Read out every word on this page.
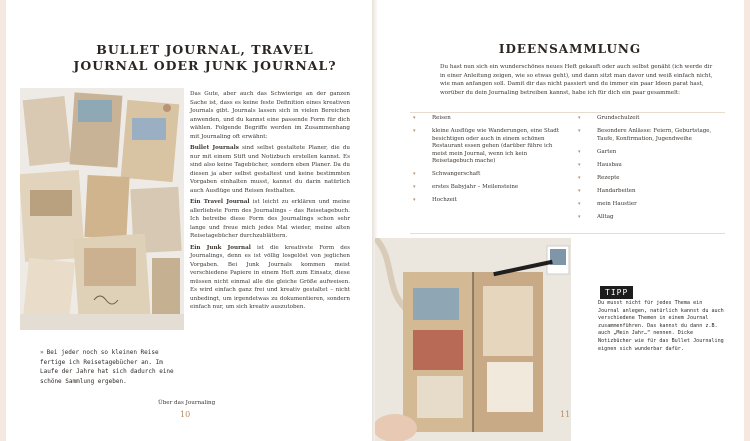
BULLET JOURNAL, TRAVEL
JOURNAL ODER JUNK JOURNAL?

Das Gute, aber auch das Schwierige an der ganzen Sache ist, dass es keine feste Definition eines kreativen Journals gibt. Journals lassen sich in vielen Bereichen anwenden, und du kannst eine passende Form für dich wählen. Folgende Begriffe werden im Zusammenhang mit Journaling oft erwähnt:

Bullet Journals sind selbst gestaltete Planer, die du nur mit einem Stift und Notizbuch erstellen kannst. Es sind also keine Tagebücher, sondern eben Planer. Da du diesen ja aber selbst gestaltest und keine bestimmten Vorgaben einhalten musst, kannst du darin natürlich auch Ausflüge und Reisen festhalten.

Ein Travel Journal ist leicht zu erklären und meine allerliebste Form des Journalings – das Reisetagebuch. Ich betreibe diese Form des Journalings schon sehr lange und freue mich jedes Mal wieder, meine alten Reisetagebücher durchzublättern.

Ein Junk Journal ist die kreativste Form des Journalings, denn es ist völlig losgelöst von jeglichen Vorgaben. Bei Junk Journals kommen meist verschiedene Papiere in einem Heft zum Einsatz, diese müssen nicht einmal alle die gleiche Größe aufweisen. Es wird einfach ganz frei und kreativ gestaltet – nicht unbedingt, um irgendetwas zu dokumentieren, sondern einfach nur, um sich kreativ auszutoben.

» Bei jeder noch so kleinen Reise fertige ich Reisetagebücher an. Im Laufe der Jahre hat sich dadurch eine schöne Sammlung ergeben.
Über das Journaling
10
IDEENSAMMLUNG
Du hast nun sich ein wunderschönes neues Heft gekauft oder auch selbst genäht (ich werde dir in einer Anleitung zeigen, wie so etwas geht), und dann sitzt man davor und weiß einfach nicht, wie man anfangen soll. Damit dir das nicht passiert und du immer ein paar Ideen parat hast, worüber du dein Journaling betreiben kannst, habe ich für dich ein paar gesammelt:
▾ Reisen
▾ kleine Ausflüge wie Wanderungen, eine Stadt besichtigen oder auch in einem schönen Restaurant essen gehen (darüber führe ich meist mein Journal, wenn ich kein Reisetagebuch mache)
▾ Schwangerschaft
▾ erstes Babyjahr – Meilensteine
▾ Hochzeit
▾ Grundschulzeit
▾ Besondere Anlässe: Feiern, Geburtstage, Taufe, Konfirmation, Jugendweihe
▾ Garten
▾ Hausbau
▾ Rezepte
▾ Handarbeiten
▾ mein Haustier
▾ Alltag
TIPP
Du musst nicht für jedes Thema ein Journal anlegen, natürlich kannst du auch verschiedene Themen in einem Journal zusammenführen. Das kannst du dann z.B. auch „Mein Jahr…“ nennen. Dicke Notizbücher wie für das Bullet Journaling eignen sich wunderbar dafür.
11
